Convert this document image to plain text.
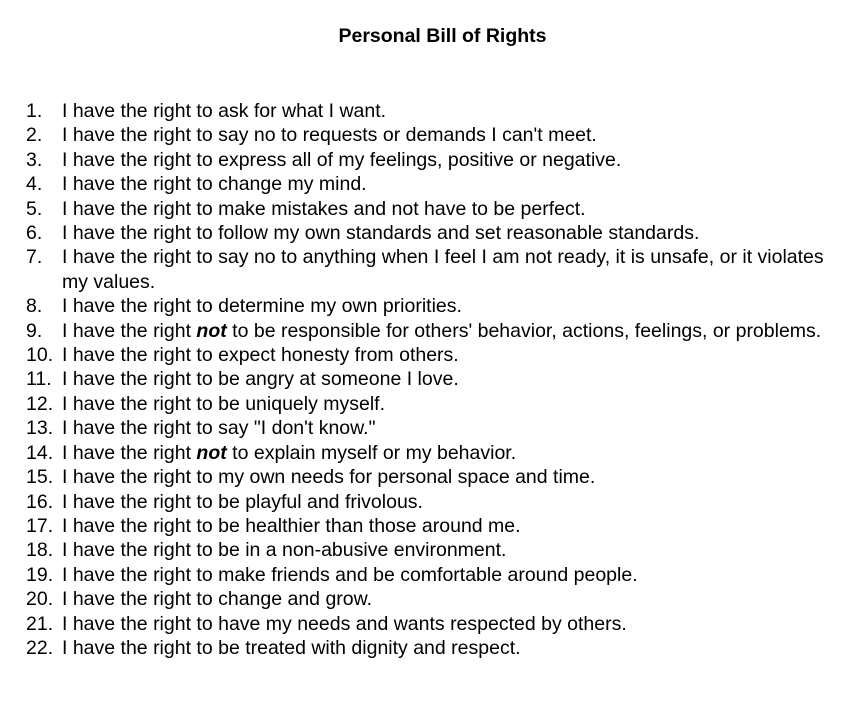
Personal Bill of Rights
1.	I have the right to ask for what I want.
2.	I have the right to say no to requests or demands I can't meet.
3.	I have the right to express all of my feelings, positive or negative.
4.	I have the right to change my mind.
5.	I have the right to make mistakes and not have to be perfect.
6.	I have the right to follow my own standards and set reasonable standards.
7.	I have the right to say no to anything when I feel I am not ready, it is unsafe, or it violates my values.
8.	I have the right to determine my own priorities.
9.	I have the right not to be responsible for others' behavior, actions, feelings, or problems.
10. I have the right to expect honesty from others.
11. I have the right to be angry at someone I love.
12. I have the right to be uniquely myself.
13. I have the right to say "I don't know."
14. I have the right not to explain myself or my behavior.
15. I have the right to my own needs for personal space and time.
16. I have the right to be playful and frivolous.
17. I have the right to be healthier than those around me.
18. I have the right to be in a non-abusive environment.
19. I have the right to make friends and be comfortable around people.
20. I have the right to change and grow.
21. I have the right to have my needs and wants respected by others.
22. I have the right to be treated with dignity and respect.
